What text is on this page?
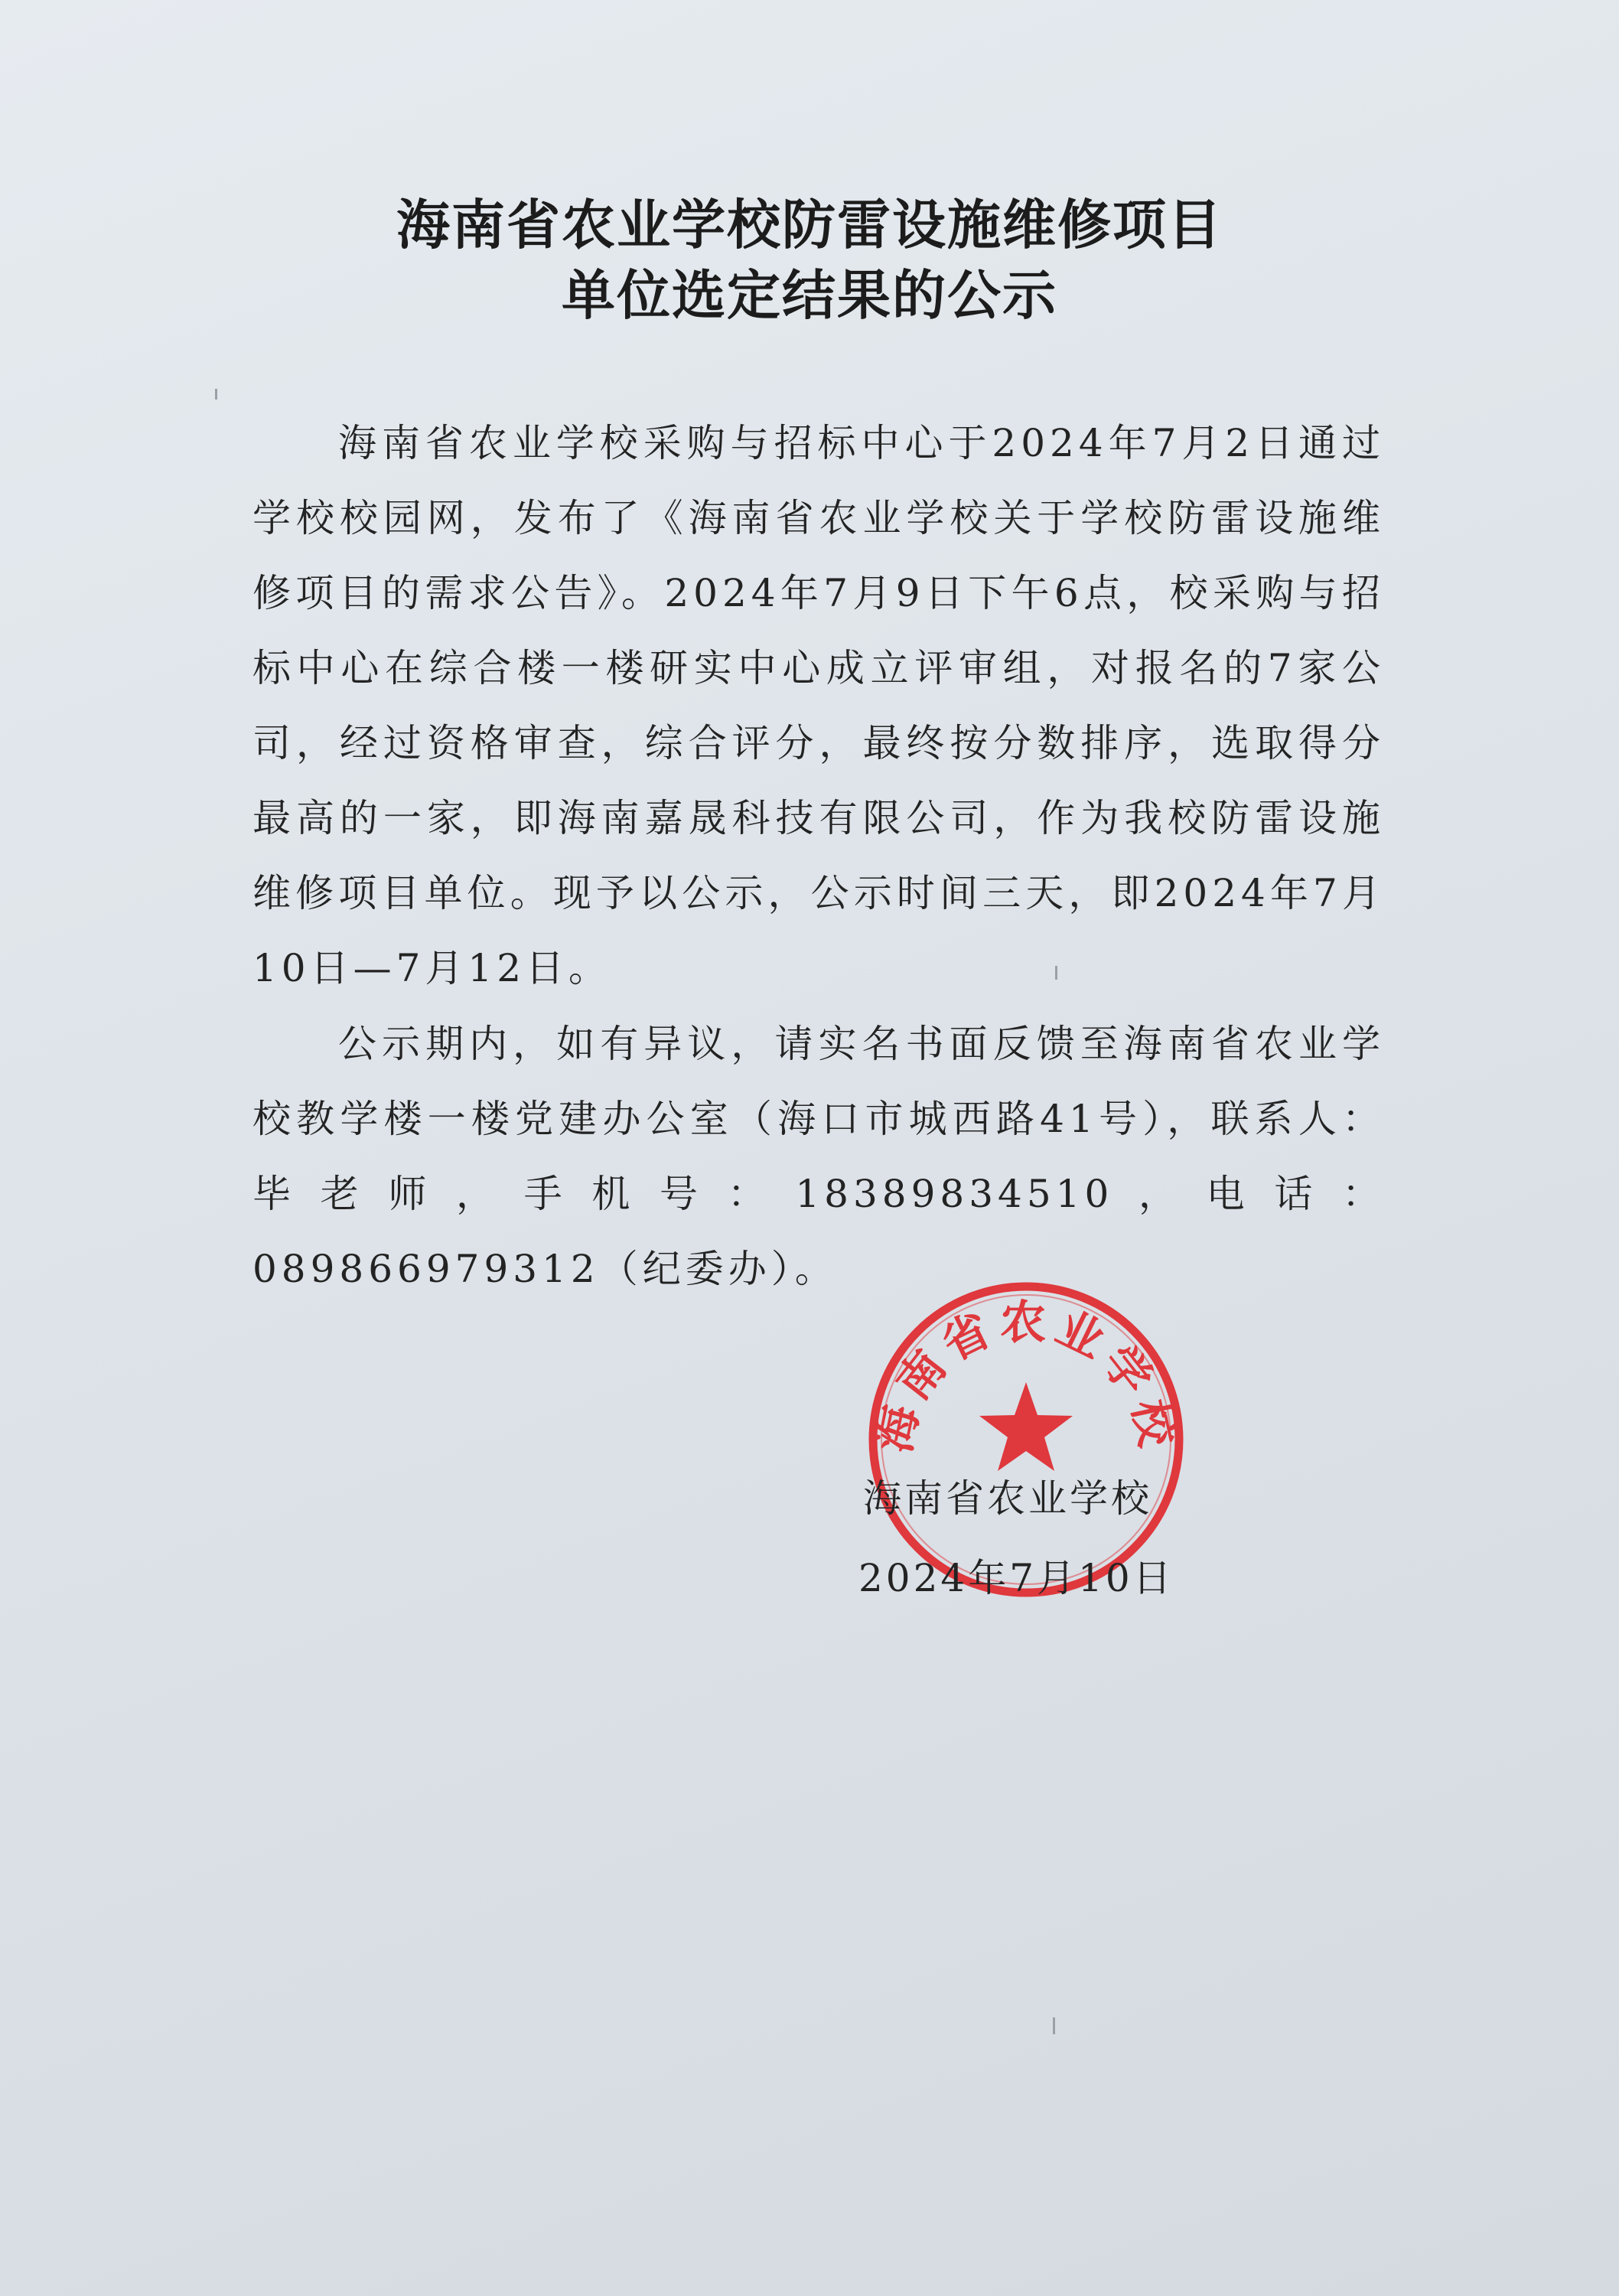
海南省农业学校防雷设施维修项目
单位选定结果的公示

海南省农业学校采购与招标中心于2024年7月2日通过学校校园网，发布了《海南省农业学校关于学校防雷设施维修项目的需求公告》。2024年7月9日下午6点，校采购与招标中心在综合楼一楼研实中心成立评审组，对报名的7家公司，经过资格审查，综合评分，最终按分数排序，选取得分最高的一家，即海南嘉晟科技有限公司，作为我校防雷设施维修项目单位。现予以公示，公示时间三天，即2024年7月10日—7月12日。

公示期内，如有异议，请实名书面反馈至海南省农业学校教学楼一楼党建办公室（海口市城西路41号），联系人：毕老师，手机号：18389834510，电话：089866979312（纪委办）。

海南省农业学校
海南省农业学校
2024年7月10日
